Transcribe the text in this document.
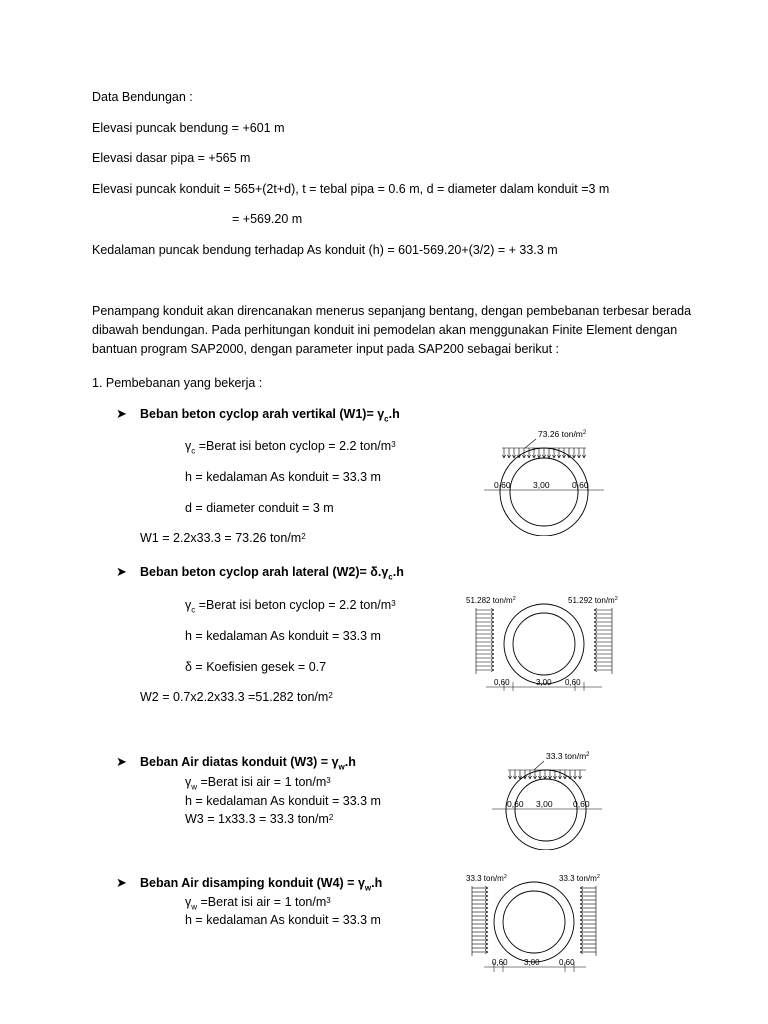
Data Bendungan :
Elevasi puncak bendung = +601 m
Elevasi dasar pipa = +565 m
Elevasi puncak konduit = 565+(2t+d), t = tebal pipa = 0.6 m, d = diameter dalam konduit =3 m
= +569.20 m
Kedalaman puncak bendung terhadap As konduit (h) = 601-569.20+(3/2) = + 33.3 m
Penampang konduit akan direncanakan menerus sepanjang bentang, dengan pembebanan terbesar berada dibawah bendungan. Pada perhitungan konduit ini pemodelan akan menggunakan Finite Element dengan bantuan program SAP2000, dengan parameter input pada SAP200 sebagai berikut :
1. Pembebanan yang bekerja :
➤ Beban beton cyclop arah vertikal $(W1)= \gamma_c.h$
$\gamma_c$ =Berat isi beton cyclop = 2.2 ton/$m^3$
h = kedalaman As konduit = 33.3 m
d = diameter conduit = 3 m
W1 = 2.2x33.3 = 73.26 ton/$m^2$
73.26 ton/$m^2$
0,60	3,00	0,60
➤ Beban beton cyclop arah lateral $(W2)= \delta.\gamma_c.h$
$\gamma_c$ =Berat isi beton cyclop = 2.2 ton/$m^3$
h = kedalaman As konduit = 33.3 m
δ = Koefisien gesek = 0.7
W2 = 0.7x2.2x33.3 =51.282 ton/$m^2$
51.282 ton/$m^2$	51.292 ton/$m^2$
0,60	3,00 0,60
➤ Beban Air diatas konduit $(W3) = \gamma_w.h$
$\gamma_w$ =Berat isi air = 1 ton/$m^3$
h = kedalaman As konduit = 33.3 m
W3 = 1x33.3 = 33.3 ton/$m^2$
33.3 ton/$m^2$
0,60 3,00 0,60
➤ Beban Air disamping konduit $(W4) = \gamma_w.h$
$\gamma_w$ =Berat isi air = 1 ton/$m^3$
h = kedalaman As konduit = 33.3 m
33.3 ton/$m^2$	33.3 ton/$m^2$
0,60 3,00 0,60
